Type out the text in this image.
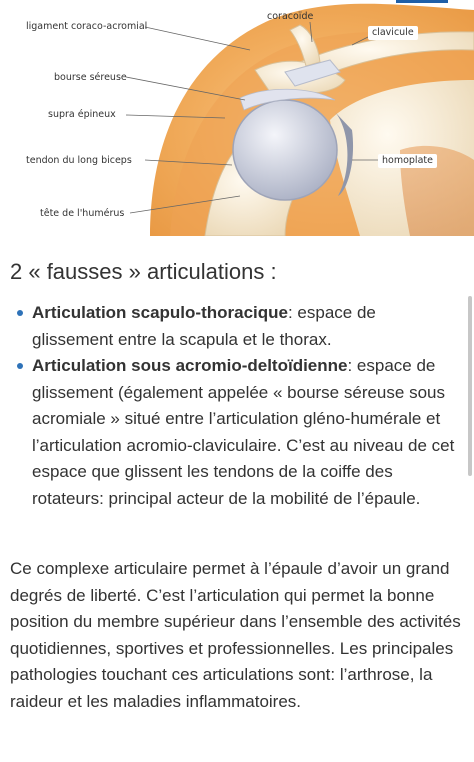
coracoïde
clavicule
ligament coraco-acromial
bourse séreuse
supra épineux
tendon du long biceps	homoplate
tête de l'humérus
2 « fausses » articulations :
Articulation scapulo-thoracique: espace de glissement entre la scapula et le thorax.
Articulation sous acromio-deltoïdienne: espace de glissement (également appelée « bourse séreuse sous acromiale » situé entre l’articulation gléno-humérale et l’articulation acromio-claviculaire. C’est au niveau de cet espace que glissent les tendons de la coiffe des rotateurs: principal acteur de la mobilité de l’épaule.

Ce complexe articulaire permet à l’épaule d’avoir un grand degrés de liberté. C’est l’articulation qui permet la bonne position du membre supérieur dans l’ensemble des activités quotidiennes, sportives et professionnelles. Les principales pathologies touchant ces articulations sont: l’arthrose, la raideur et les maladies inflammatoires.
